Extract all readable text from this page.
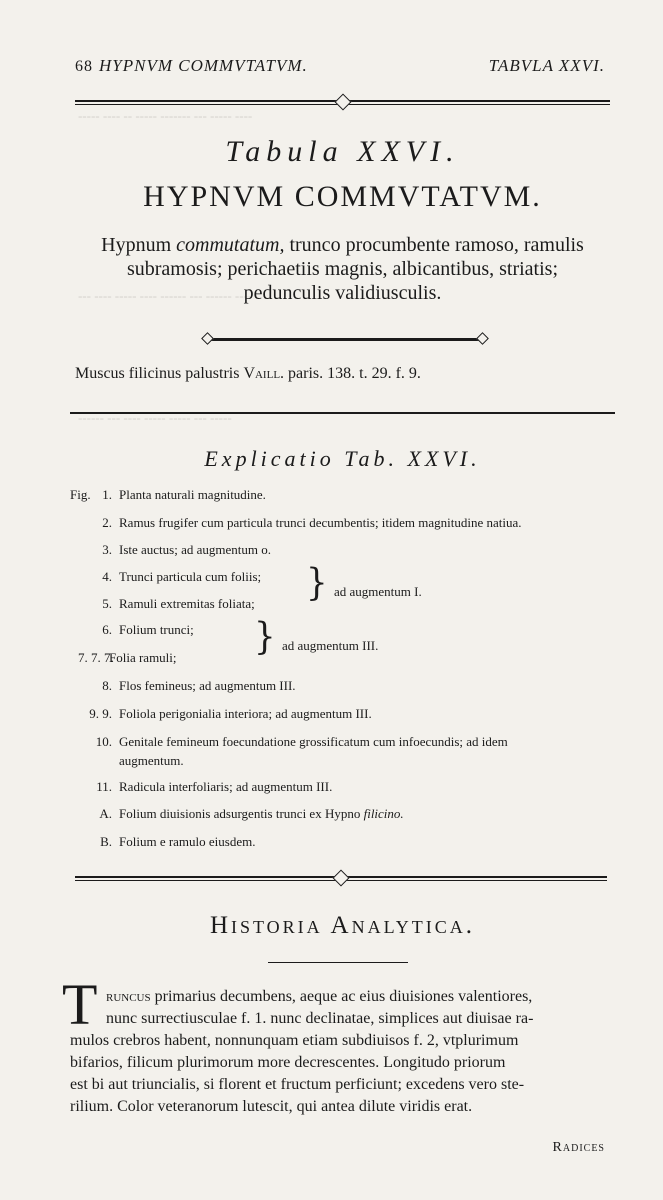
‐‐‐‐ ‐‐‐‐‐ ‐‐‐ ‐‐‐‐‐‐‐ ‐‐‐‐‐ ‐‐ ‐‐‐‐ ‐‐‐‐‐
‐‐‐‐ ‐‐‐‐‐‐ ‐‐‐ ‐‐‐‐‐‐ ‐‐‐‐ ‐‐‐‐‐ ‐‐‐‐ ‐‐‐
‐‐‐‐‐ ‐‐‐ ‐‐‐‐‐ ‐‐‐‐‐ ‐‐‐‐ ‐‐‐ ‐‐‐‐‐‐
68 HYPNVM COMMVTATVM.	TABVLA XXVI.
Tabula XXVI.
HYPNVM COMMVTATVM.
Hypnum commutatum, trunco procumbente ramoso, ramulis
subramosis; perichaetiis magnis, albicantibus, striatis;
pedunculis validiusculis.
Muscus filicinus palustris Vaill. paris. 138. t. 29. f. 9.
Explicatio Tab. XXVI.
Fig. 1. Planta naturali magnitudine.
2. Ramus frugifer cum particula trunci decumbentis; itidem magnitudine natiua.
3. Iste auctus; ad augmentum o.
4. Trunci particula cum foliis;
5. Ramuli extremitas foliata; } ad augmentum I.
6. Folium trunci;
7. 7. 7.Folia ramuli; } ad augmentum III.
8. Flos femineus; ad augmentum III.
9. 9. Foliola perigonialia interiora; ad augmentum III.
10. Genitale femineum foecundatione grossificatum cum infoecundis; ad idem
augmentum.
11. Radicula interfoliaris; ad augmentum III.
A. Folium diuisionis adsurgentis trunci ex Hypno filicino.
B. Folium e ramulo eiusdem.
Historia Analytica.
T runcus primarius decumbens, aeque ac eius diuisiones valentiores,
nunc surrectiusculae f. 1. nunc declinatae, simplices aut diuisae ra-
mulos crebros habent, nonnunquam etiam subdiuisos f. 2, vtplurimum
bifarios, filicum plurimorum more decrescentes. Longitudo priorum
est bi aut triuncialis, si florent et fructum perficiunt; excedens vero ste-
rilium. Color veteranorum lutescit, qui antea dilute viridis erat.
Radices
